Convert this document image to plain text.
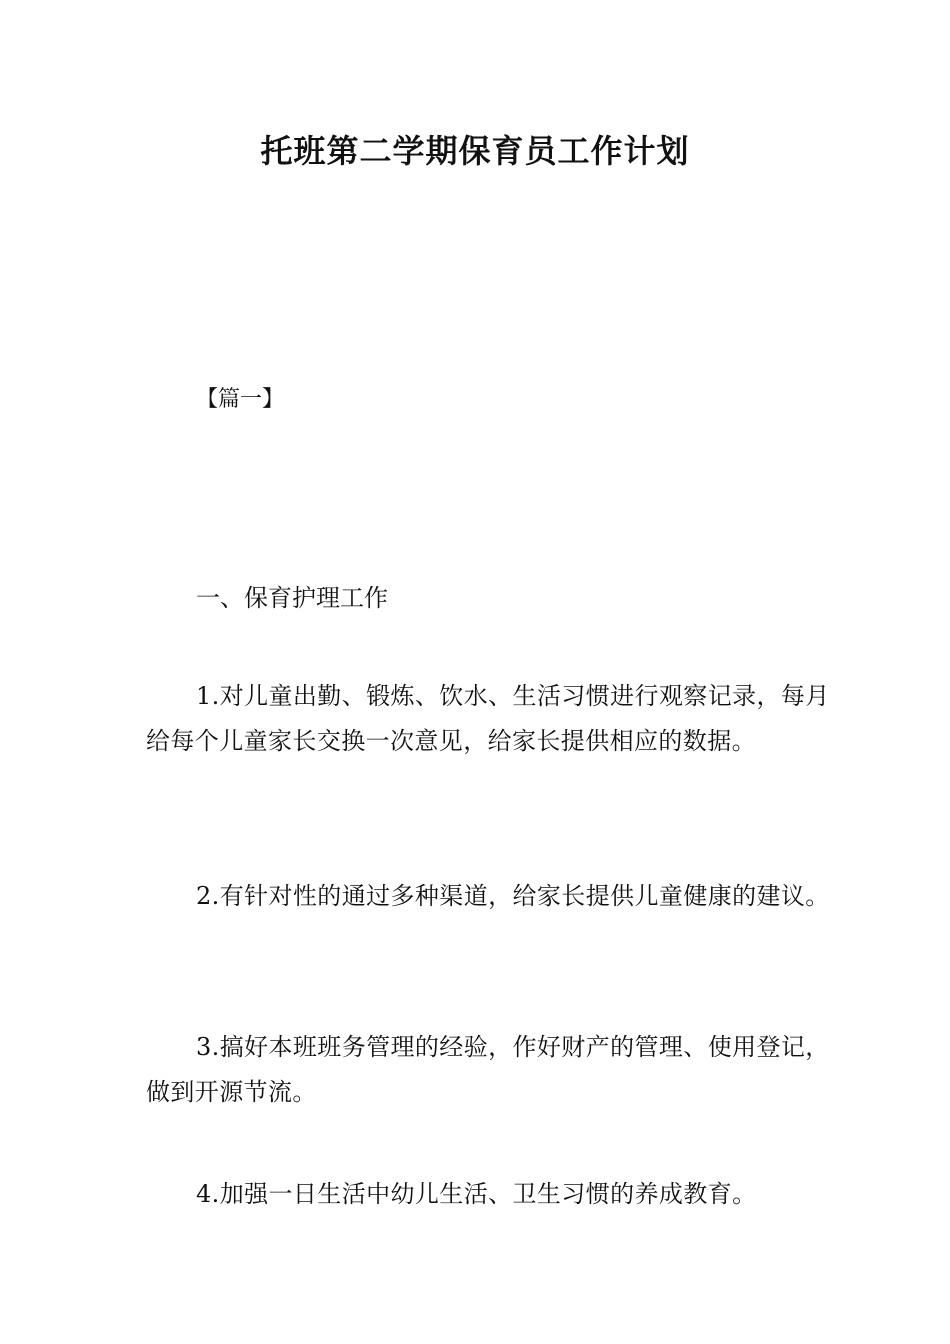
托班第二学期保育员工作计划
【篇一】
一、保育护理工作
1.对儿童出勤、锻炼、饮水、生活习惯进行观察记录，每月给每个儿童家长交换一次意见，给家长提供相应的数据。
2.有针对性的通过多种渠道，给家长提供儿童健康的建议。
3.搞好本班班务管理的经验，作好财产的管理、使用登记，做到开源节流。
4.加强一日生活中幼儿生活、卫生习惯的养成教育。
